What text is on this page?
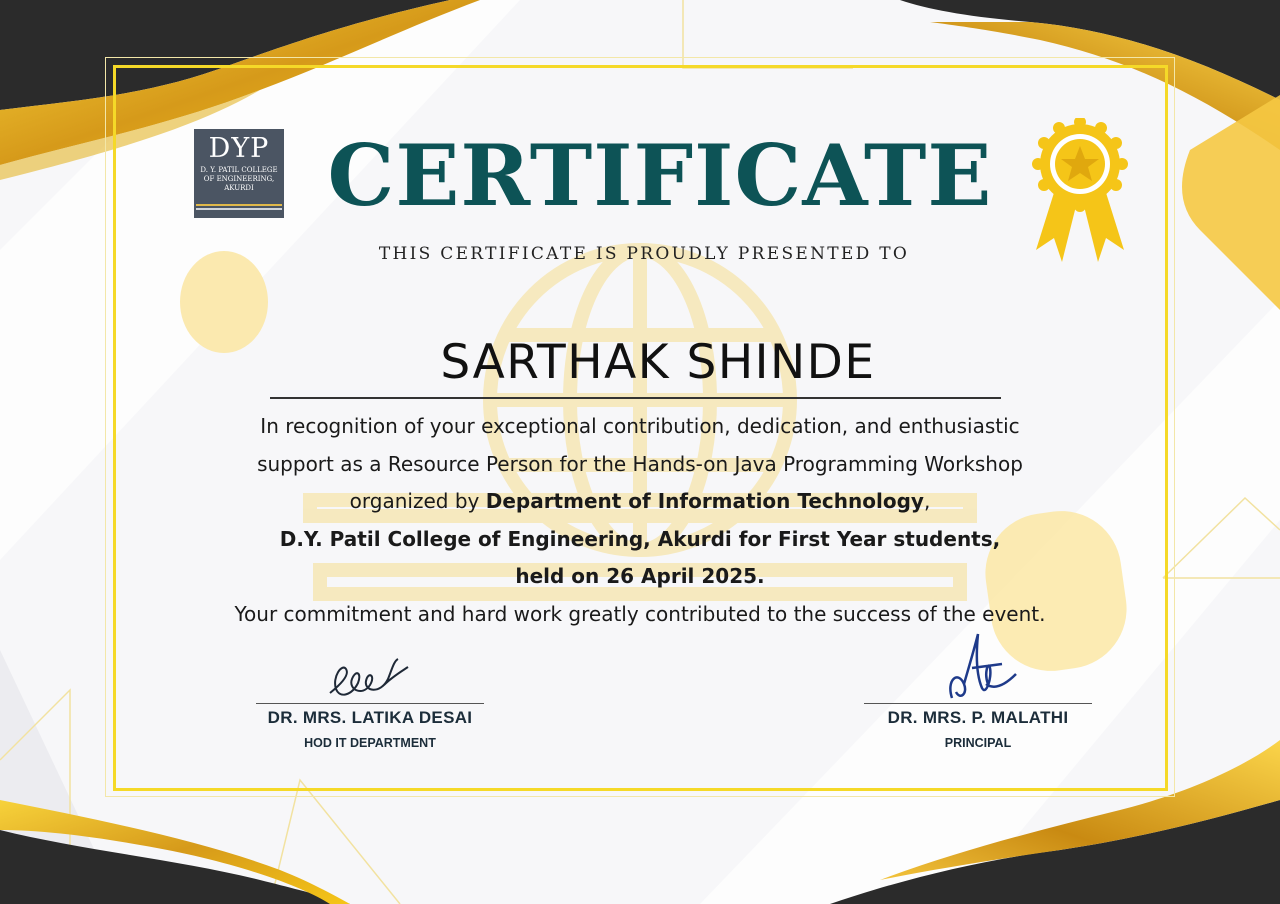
DYP
D. Y. PATIL COLLEGE
OF ENGINEERING,
AKURDI CERTIFICATE
THIS CERTIFICATE IS PROUDLY PRESENTED TO
SARTHAK SHINDE
In recognition of your exceptional contribution, dedication, and enthusiastic
support as a Resource Person for the Hands-on Java Programming Workshop
organized by Department of Information Technology,
D.Y. Patil College of Engineering, Akurdi for First Year students,
held on 26 April 2025.
Your commitment and hard work greatly contributed to the success of the event.
DR. MRS. LATIKA DESAI
HOD IT DEPARTMENT
DR. MRS. P. MALATHI
PRINCIPAL
